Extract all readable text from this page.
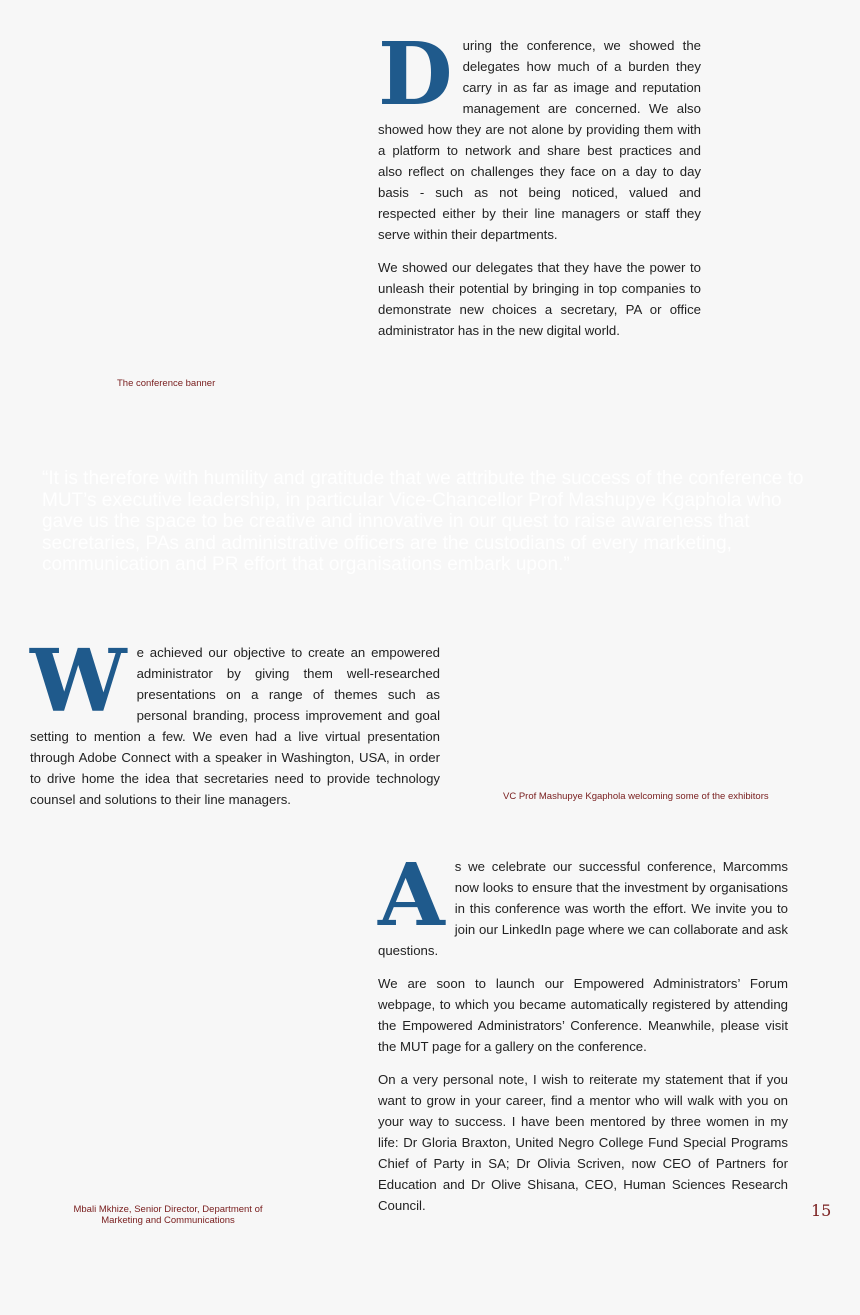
D uring the conference, we showed the delegates how much of a burden they carry in as far as image and reputation management are concerned. We also showed how they are not alone by providing them with a platform to network and share best practices and also reflect on challenges they face on a day to day basis - such as not being noticed, valued and respected either by their line managers or staff they serve within their departments.

We showed our delegates that they have the power to unleash their potential by bringing in top companies to demonstrate new choices a secretary, PA or office administrator has in the new digital world.

The conference banner
“It is therefore with humility and gratitude that we attribute the success of the conference to MUT’s executive leadership, in particular Vice-Chancellor Prof Mashupye Kgaphola who gave us the space to be creative and innovative in our quest to raise awareness that secretaries, PAs and administrative officers are the custodians of every marketing, communication and PR effort that organisations embark upon.”
W e achieved our objective to create an empowered administrator by giving them well-researched presentations on a range of themes such as personal branding, process improvement and goal setting to mention a few. We even had a live virtual presentation through Adobe Connect with a speaker in Washington, USA, in order to drive home the idea that secretaries need to provide technology counsel and solutions to their line managers.	VC Prof Mashupye Kgaphola welcoming some of the exhibitors
A s we celebrate our successful conference, Marcomms now looks to ensure that the investment by organisations in this conference was worth the effort. We invite you to join our LinkedIn page where we can collaborate and ask questions.

We are soon to launch our Empowered Administrators’ Forum webpage, to which you became automatically registered by attending the Empowered Administrators’ Conference. Meanwhile, please visit the MUT page for a gallery on the conference.

On a very personal note, I wish to reiterate my statement that if you want to grow in your career, find a mentor who will walk with you on your way to success. I have been mentored by three women in my life: Dr Gloria Braxton, United Negro College Fund Special Programs Chief of Party in SA; Dr Olivia Scriven, now CEO of Partners for Education and Dr Olive Shisana, CEO, Human Sciences Research Council.

Mbali Mkhize, Senior Director, Department of
Marketing and Communications
15
